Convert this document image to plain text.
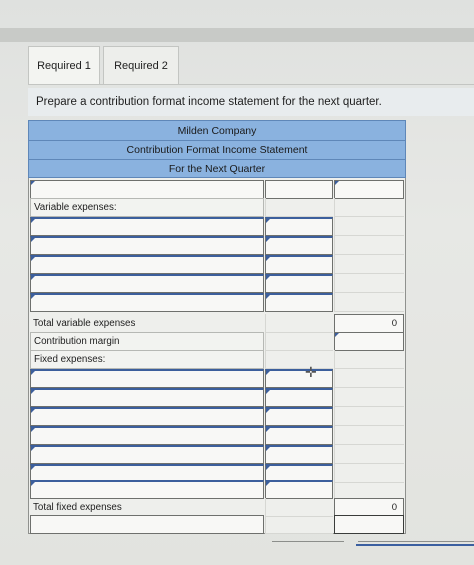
Required 1 Required 2
Prepare a contribution format income statement for the next quarter.
Milden Company
Contribution Format Income Statement
For the Next Quarter
Variable expenses:
Total variable expenses	0
Contribution margin
Fixed expenses:
Total fixed expenses	0
✛
